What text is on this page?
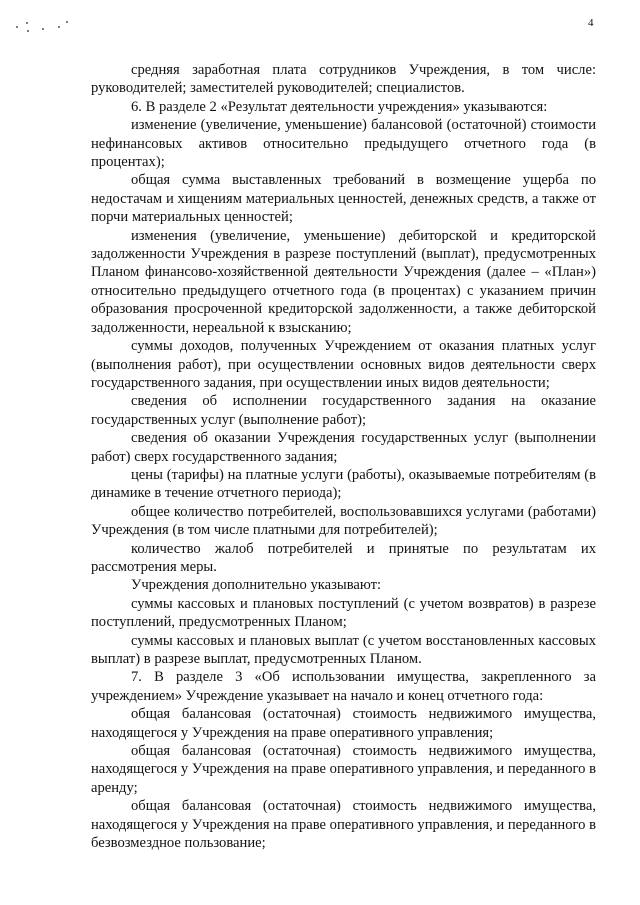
4

средняя заработная плата сотрудников Учреждения, в том числе: руководителей; заместителей руководителей; специалистов.

6. В разделе 2 «Результат деятельности учреждения» указываются:

изменение (увеличение, уменьшение) балансовой (остаточной) стоимости нефинансовых активов относительно предыдущего отчетного года (в процентах);

общая сумма выставленных требований в возмещение ущерба по недостачам и хищениям материальных ценностей, денежных средств, а также от порчи материальных ценностей;

изменения (увеличение, уменьшение) дебиторской и кредиторской задолженности Учреждения в разрезе поступлений (выплат), предусмотренных Планом финансово-хозяйственной деятельности Учреждения (далее – «План») относительно предыдущего отчетного года (в процентах) с указанием причин образования просроченной кредиторской задолженности, а также дебиторской задолженности, нереальной к взысканию;

суммы доходов, полученных Учреждением от оказания платных услуг (выполнения работ), при осуществлении основных видов деятельности сверх государственного задания, при осуществлении иных видов деятельности;

сведения об исполнении государственного задания на оказание государственных услуг (выполнение работ);

сведения об оказании Учреждения государственных услуг (выполнении работ) сверх государственного задания;

цены (тарифы) на платные услуги (работы), оказываемые потребителям (в динамике в течение отчетного периода);

общее количество потребителей, воспользовавшихся услугами (работами) Учреждения (в том числе платными для потребителей);

количество жалоб потребителей и принятые по результатам их рассмотрения меры.

Учреждения дополнительно указывают:

суммы кассовых и плановых поступлений (с учетом возвратов) в разрезе поступлений, предусмотренных Планом;

суммы кассовых и плановых выплат (с учетом восстановленных кассовых выплат) в разрезе выплат, предусмотренных Планом.

7. В разделе 3 «Об использовании имущества, закрепленного за учреждением» Учреждение указывает на начало и конец отчетного года:

общая балансовая (остаточная) стоимость недвижимого имущества, находящегося у Учреждения на праве оперативного управления;

общая балансовая (остаточная) стоимость недвижимого имущества, находящегося у Учреждения на праве оперативного управления, и переданного в аренду;

общая балансовая (остаточная) стоимость недвижимого имущества, находящегося у Учреждения на праве оперативного управления, и переданного в безвозмездное пользование;
